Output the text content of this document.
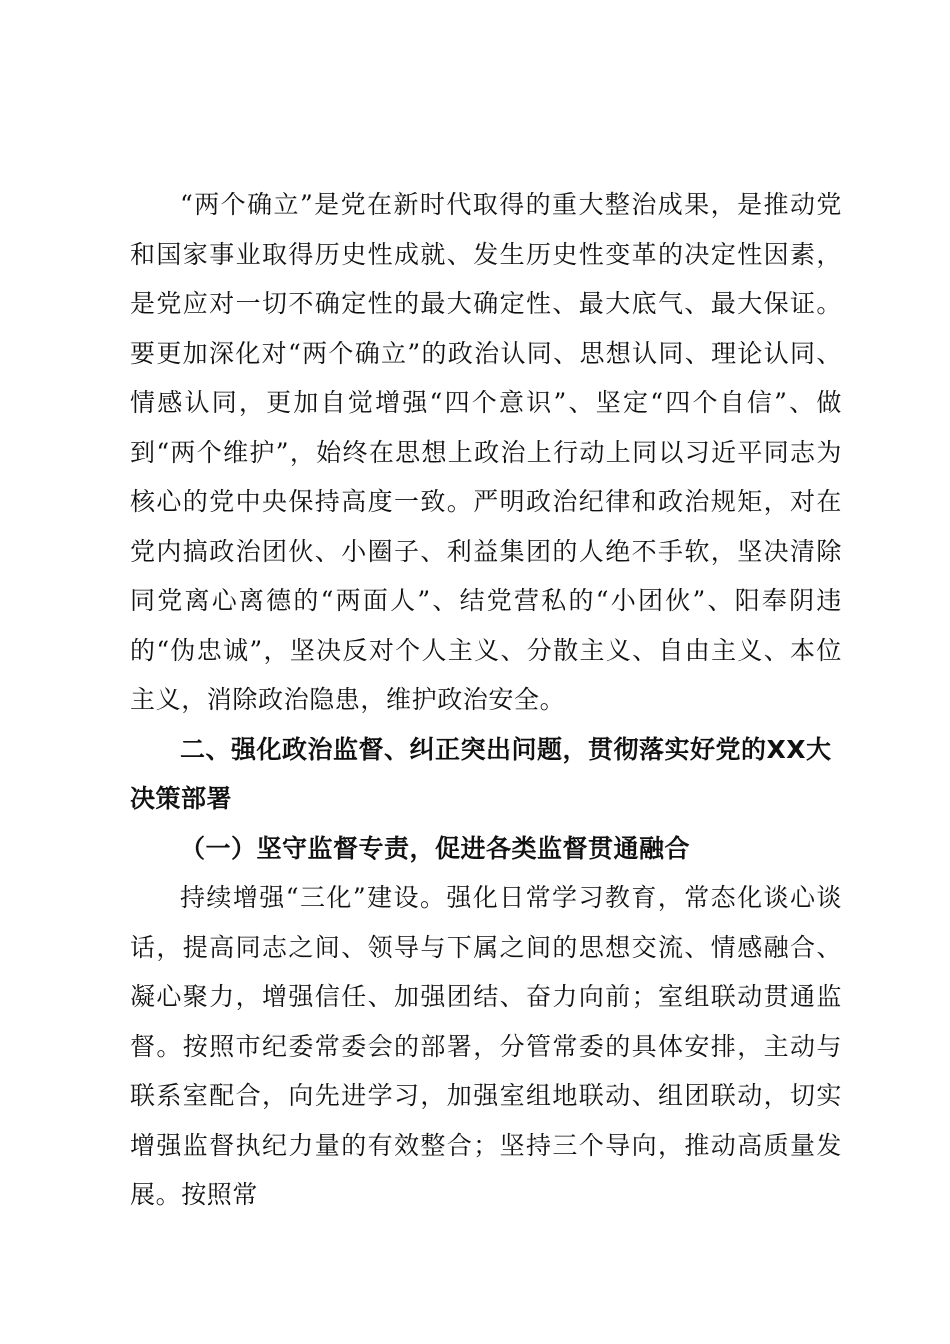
“两个确立”是党在新时代取得的重大整治成果，是推动党和国家事业取得历史性成就、发生历史性变革的决定性因素，是党应对一切不确定性的最大确定性、最大底气、最大保证。要更加深化对“两个确立”的政治认同、思想认同、理论认同、情感认同，更加自觉增强“四个意识”、坚定“四个自信”、做到“两个维护”，始终在思想上政治上行动上同以习近平同志为核心的党中央保持高度一致。严明政治纪律和政治规矩，对在党内搞政治团伙、小圈子、利益集团的人绝不手软，坚决清除同党离心离德的“两面人”、结党营私的“小团伙”、阳奉阴违的“伪忠诚”，坚决反对个人主义、分散主义、自由主义、本位主义，消除政治隐患，维护政治安全。

二、强化政治监督、纠正突出问题，贯彻落实好党的XX大决策部署

（一）坚守监督专责，促进各类监督贯通融合

持续增强“三化”建设。强化日常学习教育，常态化谈心谈话，提高同志之间、领导与下属之间的思想交流、情感融合、凝心聚力，增强信任、加强团结、奋力向前；室组联动贯通监督。按照市纪委常委会的部署，分管常委的具体安排，主动与联系室配合，向先进学习，加强室组地联动、组团联动，切实增强监督执纪力量的有效整合；坚持三个导向，推动高质量发展。按照常
